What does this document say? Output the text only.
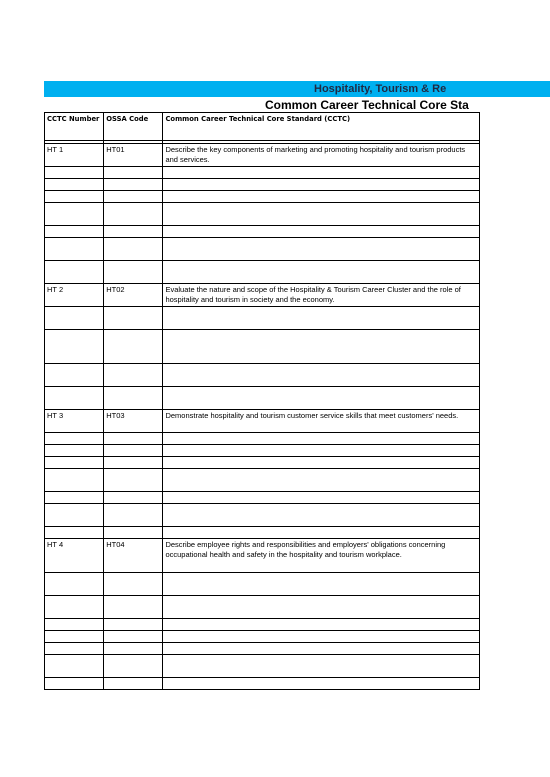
Hospitality, Tourism & Re
Common Career Technical Core Sta
CCTC Number	OSSA Code	Common Career Technical Core Standard (CCTC)

HT 1	HT01	Describe the key components of marketing and promoting hospitality and tourism products and services.

HT 2	HT02	Evaluate the nature and scope of the Hospitality & Tourism Career Cluster and the role of hospitality and tourism in society and the economy.

HT 3	HT03	Demonstrate hospitality and tourism customer service skills that meet customers' needs.

HT 4	HT04	Describe employee rights and responsibilities and employers' obligations concerning occupational health and safety in the hospitality and tourism workplace.
